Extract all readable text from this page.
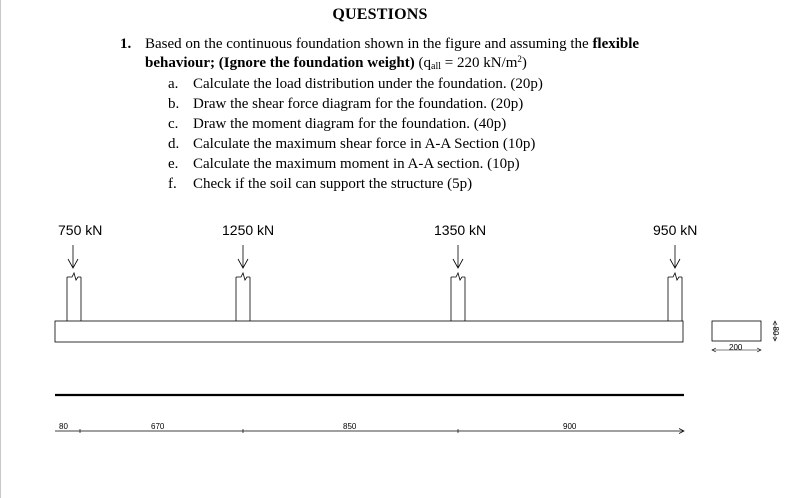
QUESTIONS
1. Based on the continuous foundation shown in the figure and assuming the flexible
behaviour; (Ignore the foundation weight) (qall = 220 $kN/m^2$)
a. Calculate the load distribution under the foundation. (20p)
b. Draw the shear force diagram for the foundation. (20p)
c. Draw the moment diagram for the foundation. (40p)
d. Calculate the maximum shear force in A-A Section (10p)
e. Calculate the maximum moment in A-A section. (10p)
f. Check if the soil can support the structure (5p)
750 kN	1250 kN	1350 kN	950 kN
80	670	850	900
200
80
